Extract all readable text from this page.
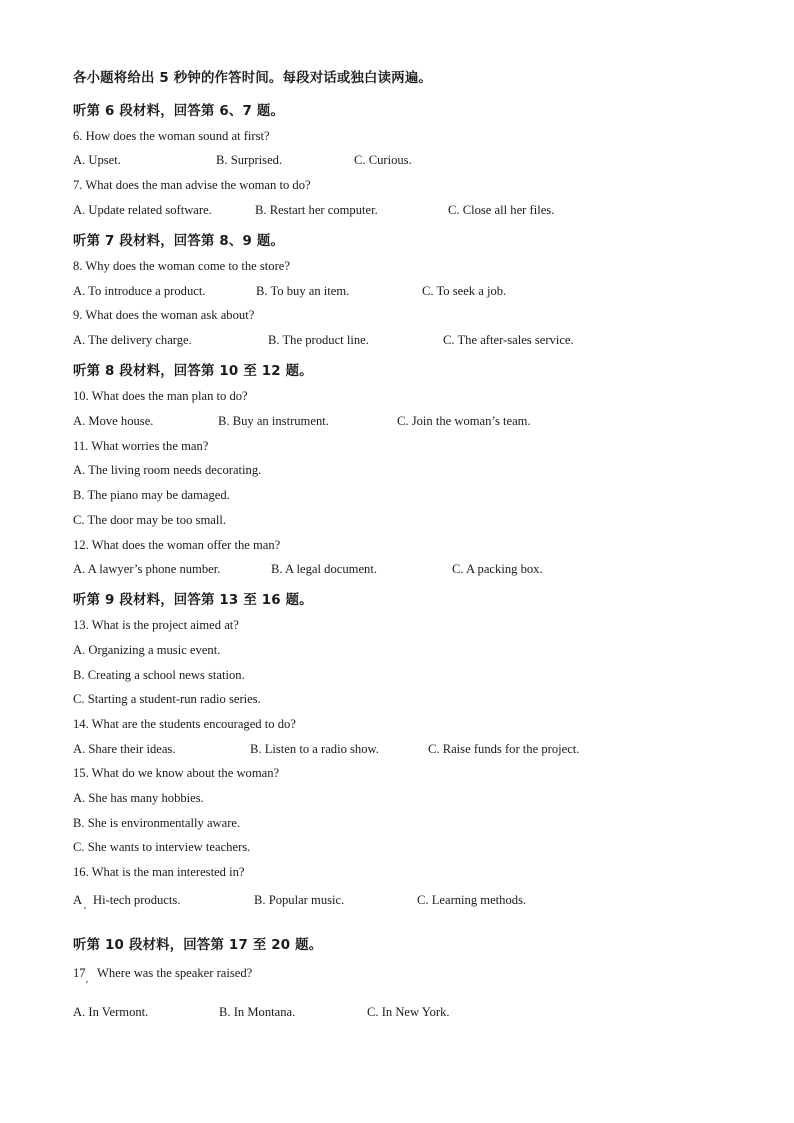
各小题将给出 5 秒钟的作答时间。每段对话或独白读两遍。
听第 6 段材料，回答第 6、7 题。
6. How does the woman sound at first?
A. Upset.	B. Surprised.	C. Curious.
7. What does the man advise the woman to do?
A. Update related software.	B. Restart her computer.	C. Close all her files.
听第 7 段材料，回答第 8、9 题。
8. Why does the woman come to the store?
A. To introduce a product.	B. To buy an item.	C. To seek a job.
9. What does the woman ask about?
A. The delivery charge.	B. The product line.	C. The after-sales service.
听第 8 段材料，回答第 10 至 12 题。
10. What does the man plan to do?
A. Move house.	B. Buy an instrument.	C. Join the woman’s team.
11. What worries the man?
A. The living room needs decorating.
B. The piano may be damaged.
C. The door may be too small.
12. What does the woman offer the man?
A. A lawyer’s phone number.	B. A legal document.	C. A packing box.
听第 9 段材料，回答第 13 至 16 题。
13. What is the project aimed at?
A. Organizing a music event.
B. Creating a school news station.
C. Starting a student-run radio series.
14. What are the students encouraged to do?
A. Share their ideas.	B. Listen to a radio show.	C. Raise funds for the project.
15. What do we know about the woman?
A. She has many hobbies.
B. She is environmentally aware.
C. She wants to interview teachers.
16. What is the man interested in?
A
'
Hi-tech products.	B. Popular music.	C. Learning methods.
听第 10 段材料，回答第 17 至 20 题。
17
'
Where was the speaker raised?
A. In Vermont.	B. In Montana.	C. In New York.
